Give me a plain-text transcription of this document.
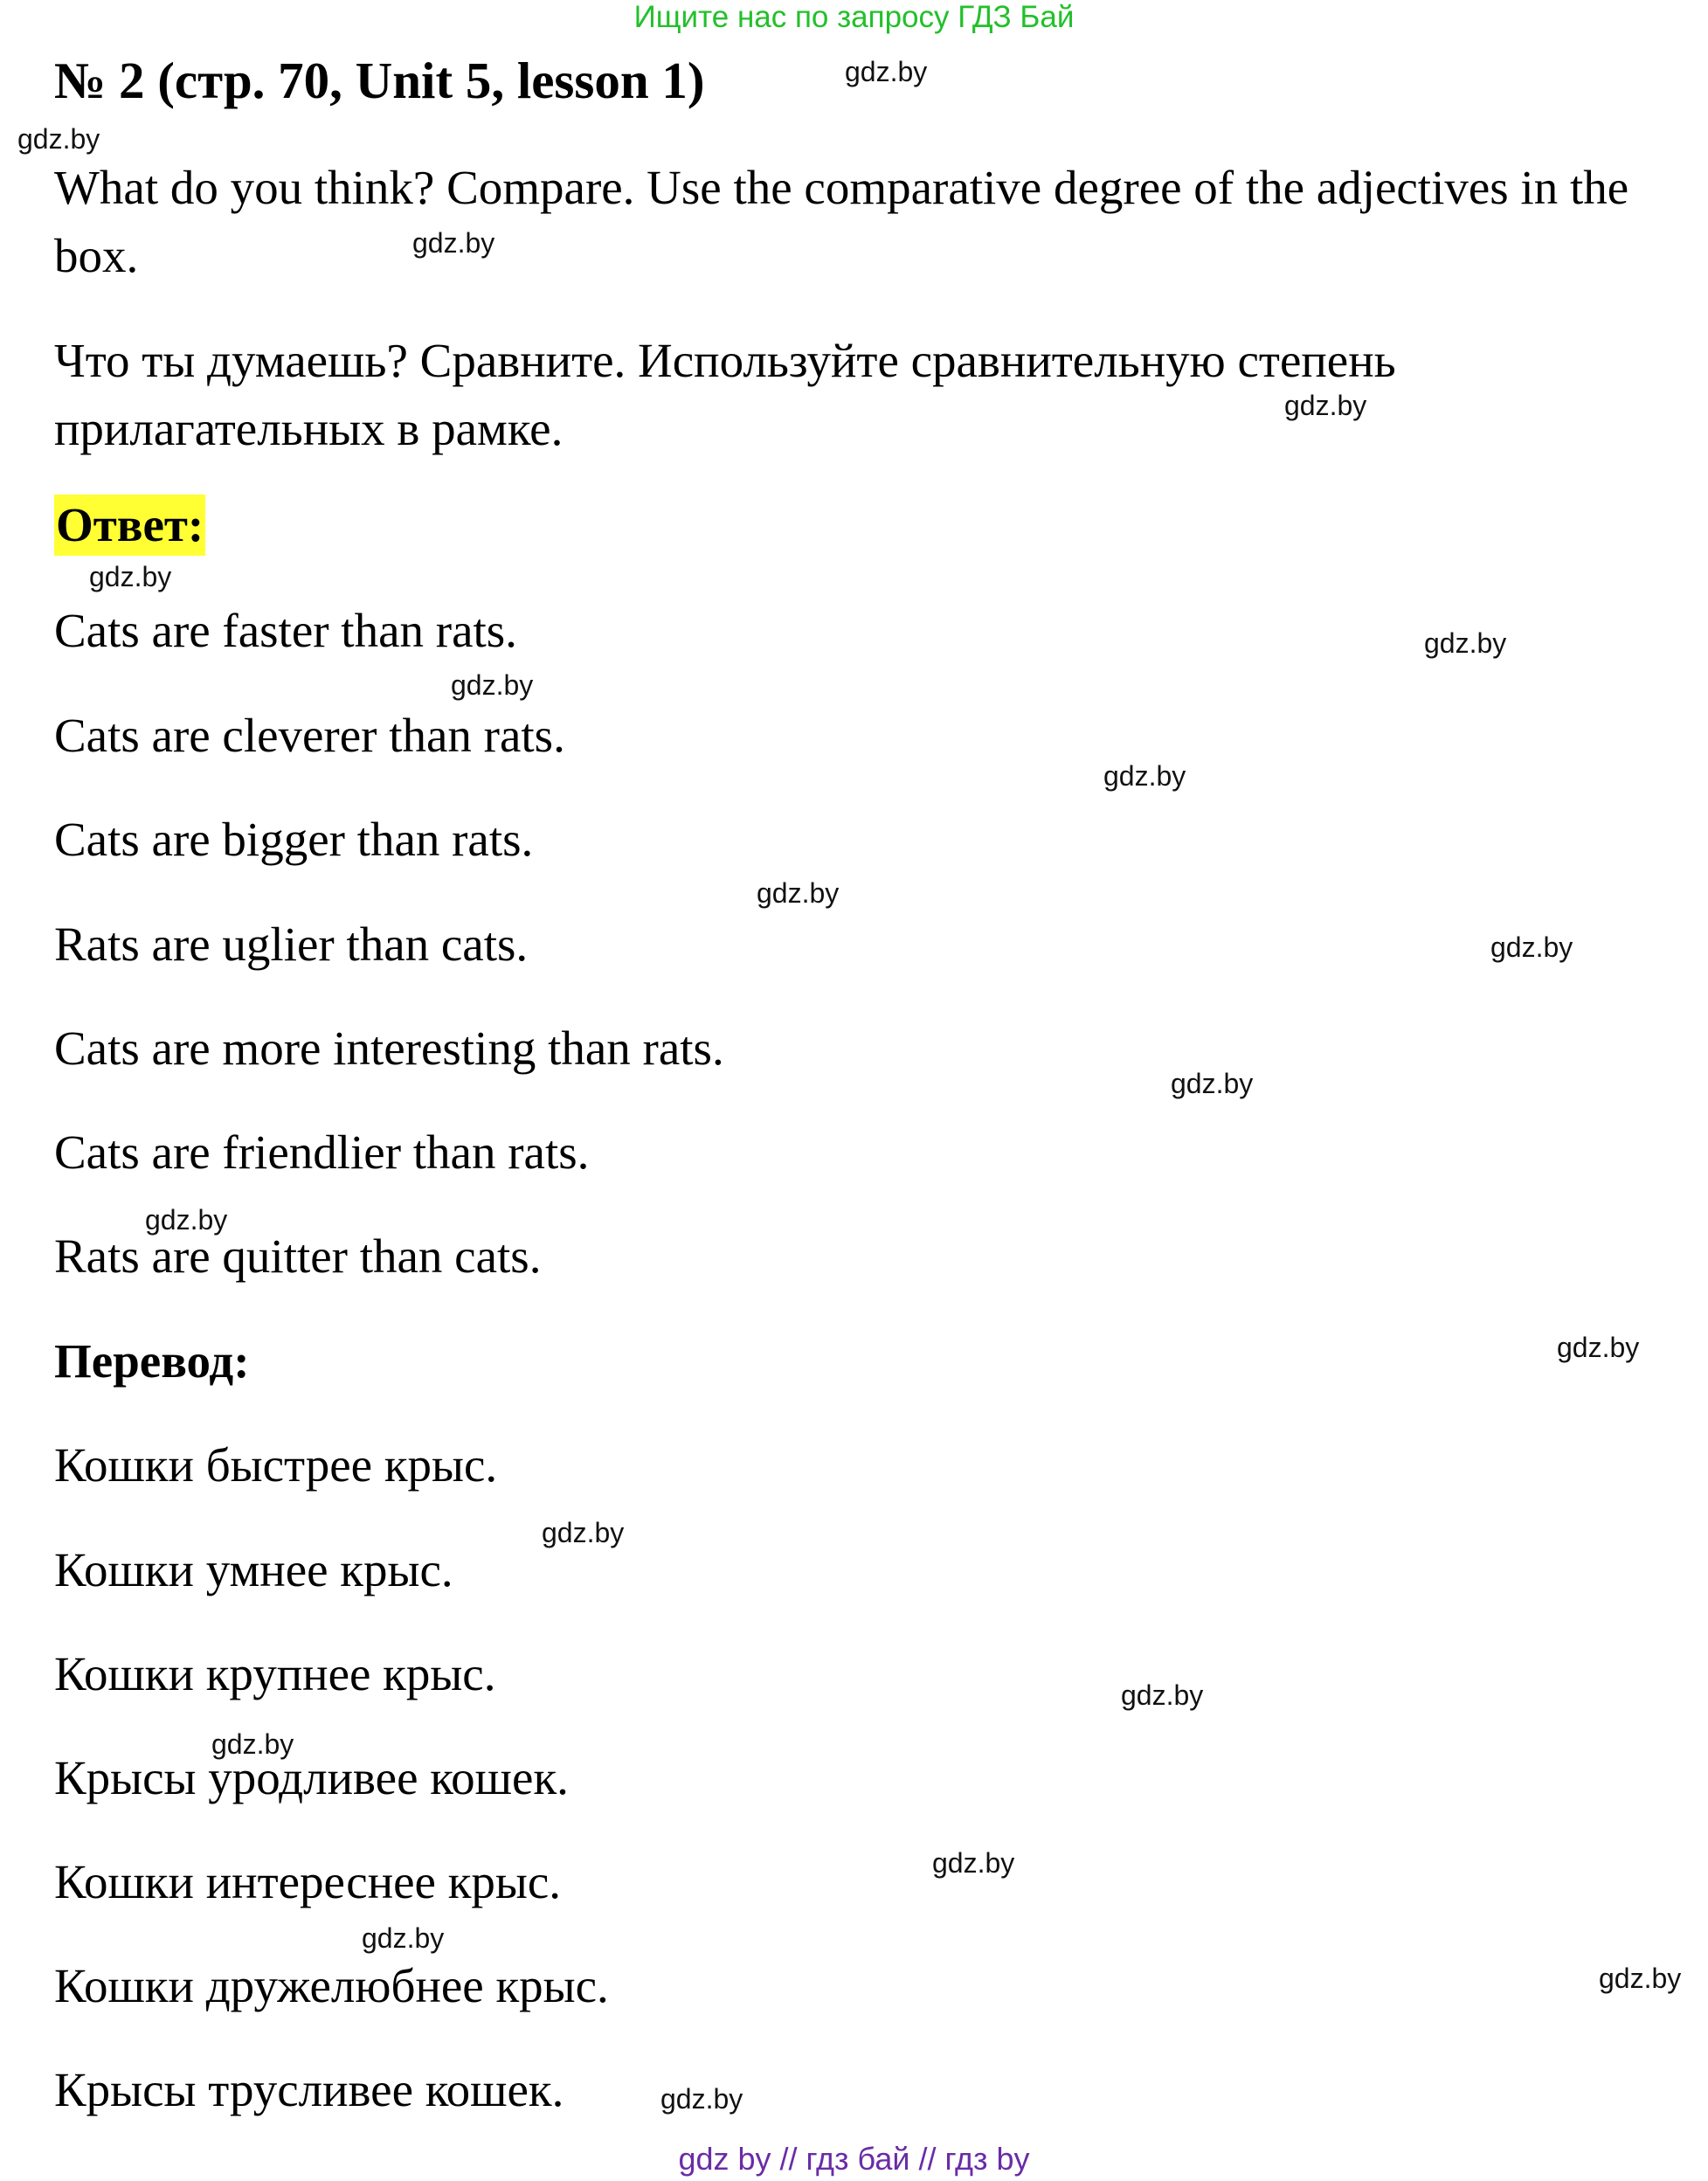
Ищите нас по запросу ГДЗ Бай
№ 2 (стр. 70, Unit 5, lesson 1)
What do you think? Compare. Use the comparative degree of the adjectives in the box.
Что ты думаешь? Сравните. Используйте сравнительную степень прилагательных в рамке.
Ответ:
Cats are faster than rats.
Cats are cleverer than rats.
Cats are bigger than rats.
Rats are uglier than cats.
Cats are more interesting than rats.
Cats are friendlier than rats.
Rats are quitter than cats.
Перевод:
Кошки быстрее крыс.
Кошки умнее крыс.
Кошки крупнее крыс.
Крысы уродливее кошек.
Кошки интереснее крыс.
Кошки дружелюбнее крыс.
Крысы трусливее кошек.
gdz.by
gdz.by
gdz.by
gdz.by
gdz.by
gdz.by
gdz.by
gdz.by
gdz.by
gdz.by
gdz.by
gdz.by
gdz.by
gdz.by
gdz.by
gdz.by
gdz.by
gdz.by
gdz.by
gdz.by
gdz by // гдз бай // гдз by
